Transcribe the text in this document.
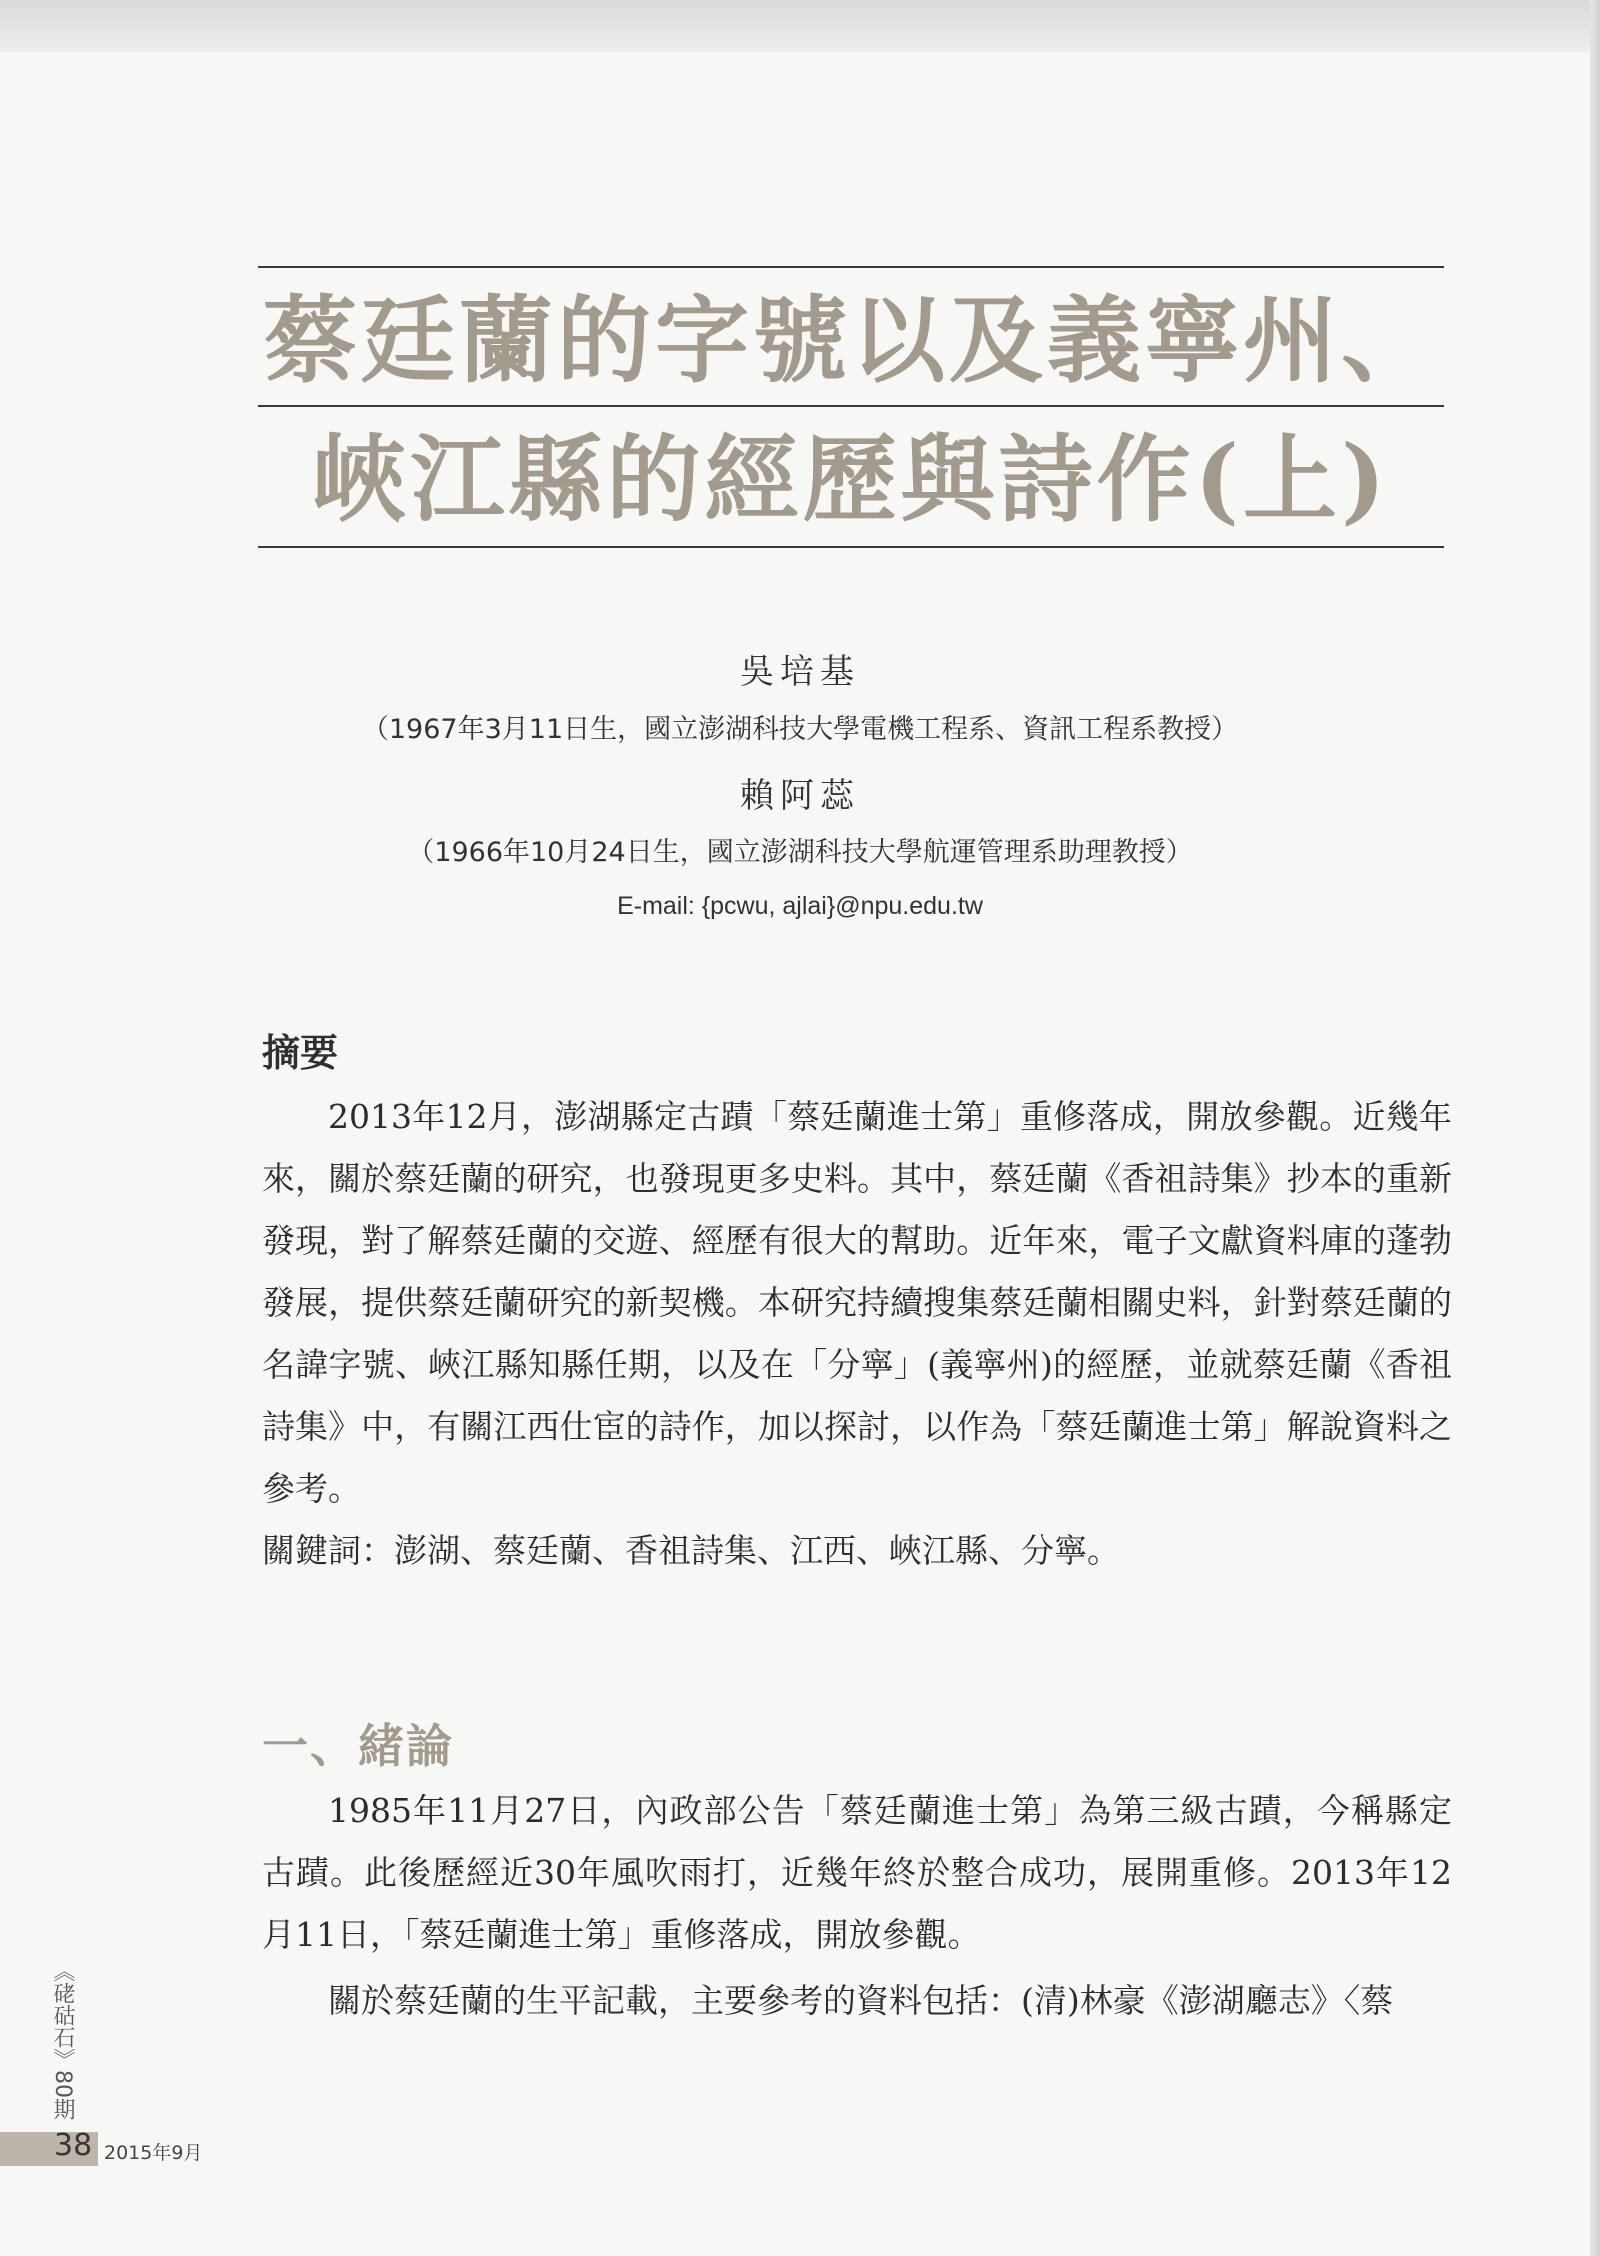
蔡廷蘭的字號以及義寧州、
峽江縣的經歷與詩作(上)
吳培基
（1967年3月11日生，國立澎湖科技大學電機工程系、資訊工程系教授）
賴阿蕊
（1966年10月24日生，國立澎湖科技大學航運管理系助理教授）
E-mail: {pcwu, ajlai}@npu.edu.tw
摘要
2013年12月，澎湖縣定古蹟「蔡廷蘭進士第」重修落成，開放參觀。近幾年來，關於蔡廷蘭的研究，也發現更多史料。其中，蔡廷蘭《香祖詩集》抄本的重新發現，對了解蔡廷蘭的交遊、經歷有很大的幫助。近年來，電子文獻資料庫的蓬勃發展，提供蔡廷蘭研究的新契機。本研究持續搜集蔡廷蘭相關史料，針對蔡廷蘭的名諱字號、峽江縣知縣任期，以及在「分寧」(義寧州)的經歷，並就蔡廷蘭《香祖詩集》中，有關江西仕宦的詩作，加以探討，以作為「蔡廷蘭進士第」解說資料之參考。
關鍵詞：澎湖、蔡廷蘭、香祖詩集、江西、峽江縣、分寧。
一、緒論
1985年11月27日，內政部公告「蔡廷蘭進士第」為第三級古蹟，今稱縣定古蹟。此後歷經近30年風吹雨打，近幾年終於整合成功，展開重修。2013年12月11日，「蔡廷蘭進士第」重修落成，開放參觀。
關於蔡廷蘭的生平記載，主要參考的資料包括：(清)林豪《澎湖廳志》〈蔡
《硓𥑮石》80期
38 2015年9月
